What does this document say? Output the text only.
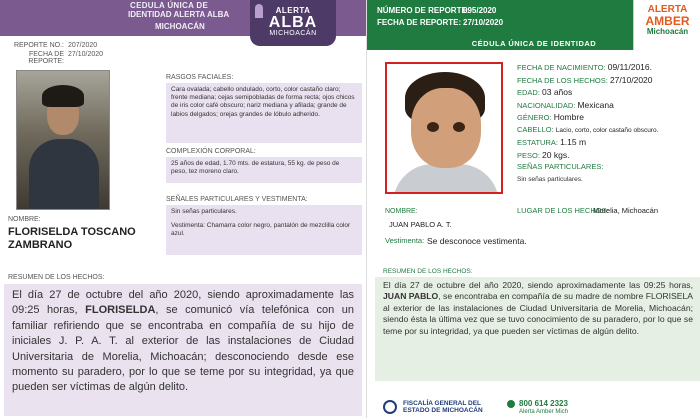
CEDULA ÚNICA DE
IDENTIDAD ALERTA ALBA
MICHOACÁN
ALERTA
ALBA
MICHOACÁN
REPORTE NO.: 207/2020
FECHA DE REPORTE:
27/10/2020
NOMBRE:
FLORISELDA TOSCANO ZAMBRANO
RASGOS FACIALES:
Cara ovalada; cabello ondulado, corto, color castaño claro; frente mediana; cejas semipobladas de forma recta; ojos chicos de iris color café obscuro; nariz mediana y afilada; grande de labios delgados; orejas grandes de lóbulo adherido.
COMPLEXIÓN CORPORAL:
25 años de edad, 1.70 mts. de estatura, 55 kg. de peso de peso, tez moreno claro.
SEÑALES PARTICULARES Y VESTIMENTA:
Sin señas particulares.
Vestimenta: Chamarra color negro, pantalón de mezclilla color azul.
RESUMEN DE LOS HECHOS:
El día 27 de octubre del año 2020, siendo aproximadamente las 09:25 horas, FLORISELDA, se comunicó vía telefónica con un familiar refiriendo que se encontraba en compañía de su hijo de iniciales J. P. A. T. al exterior de las instalaciones de Ciudad Universitaria de Morelia, Michoacán; desconociendo desde ese momento su paradero, por lo que se teme por su integridad, ya que pueden ser víctimas de algún delito.
NÚMERO DE REPORTE:
095/2020
FECHA DE REPORTE: 27/10/2020
CÉDULA ÚNICA DE IDENTIDAD
ALERTA
AMBER
Michoacán
FECHA DE NACIMIENTO: 09/11/2016.
FECHA DE LOS HECHOS: 27/10/2020
EDAD: 03 años
NACIONALIDAD: Mexicana
GÉNERO: Hombre
CABELLO: Lacio, corto, color castaño obscuro.
ESTATURA: 1.15 m
PESO: 20 kgs.
SEÑAS PARTICULARES:
Sin señas particulares.
NOMBRE:
JUAN PABLO A. T.
LUGAR DE LOS HECHOS:
Morelia, Michoacán
Vestimenta: Se desconoce vestimenta.
RESUMEN DE LOS HECHOS:
El día 27 de octubre del año 2020, siendo aproximadamente las 09:25 horas, JUAN PABLO, se encontraba en compañía de su madre de nombre FLORISELA al exterior de las instalaciones de Ciudad Universitaria de Morelia, Michoacán; siendo ésta la última vez que se tuvo conocimiento de su paradero, por lo que se teme por su integridad, ya que pueden ser víctimas de algún delito.
FISCALÍA GENERAL DEL ESTADO DE MICHOACÁN
800 614 2323
Alerta Amber Mich
